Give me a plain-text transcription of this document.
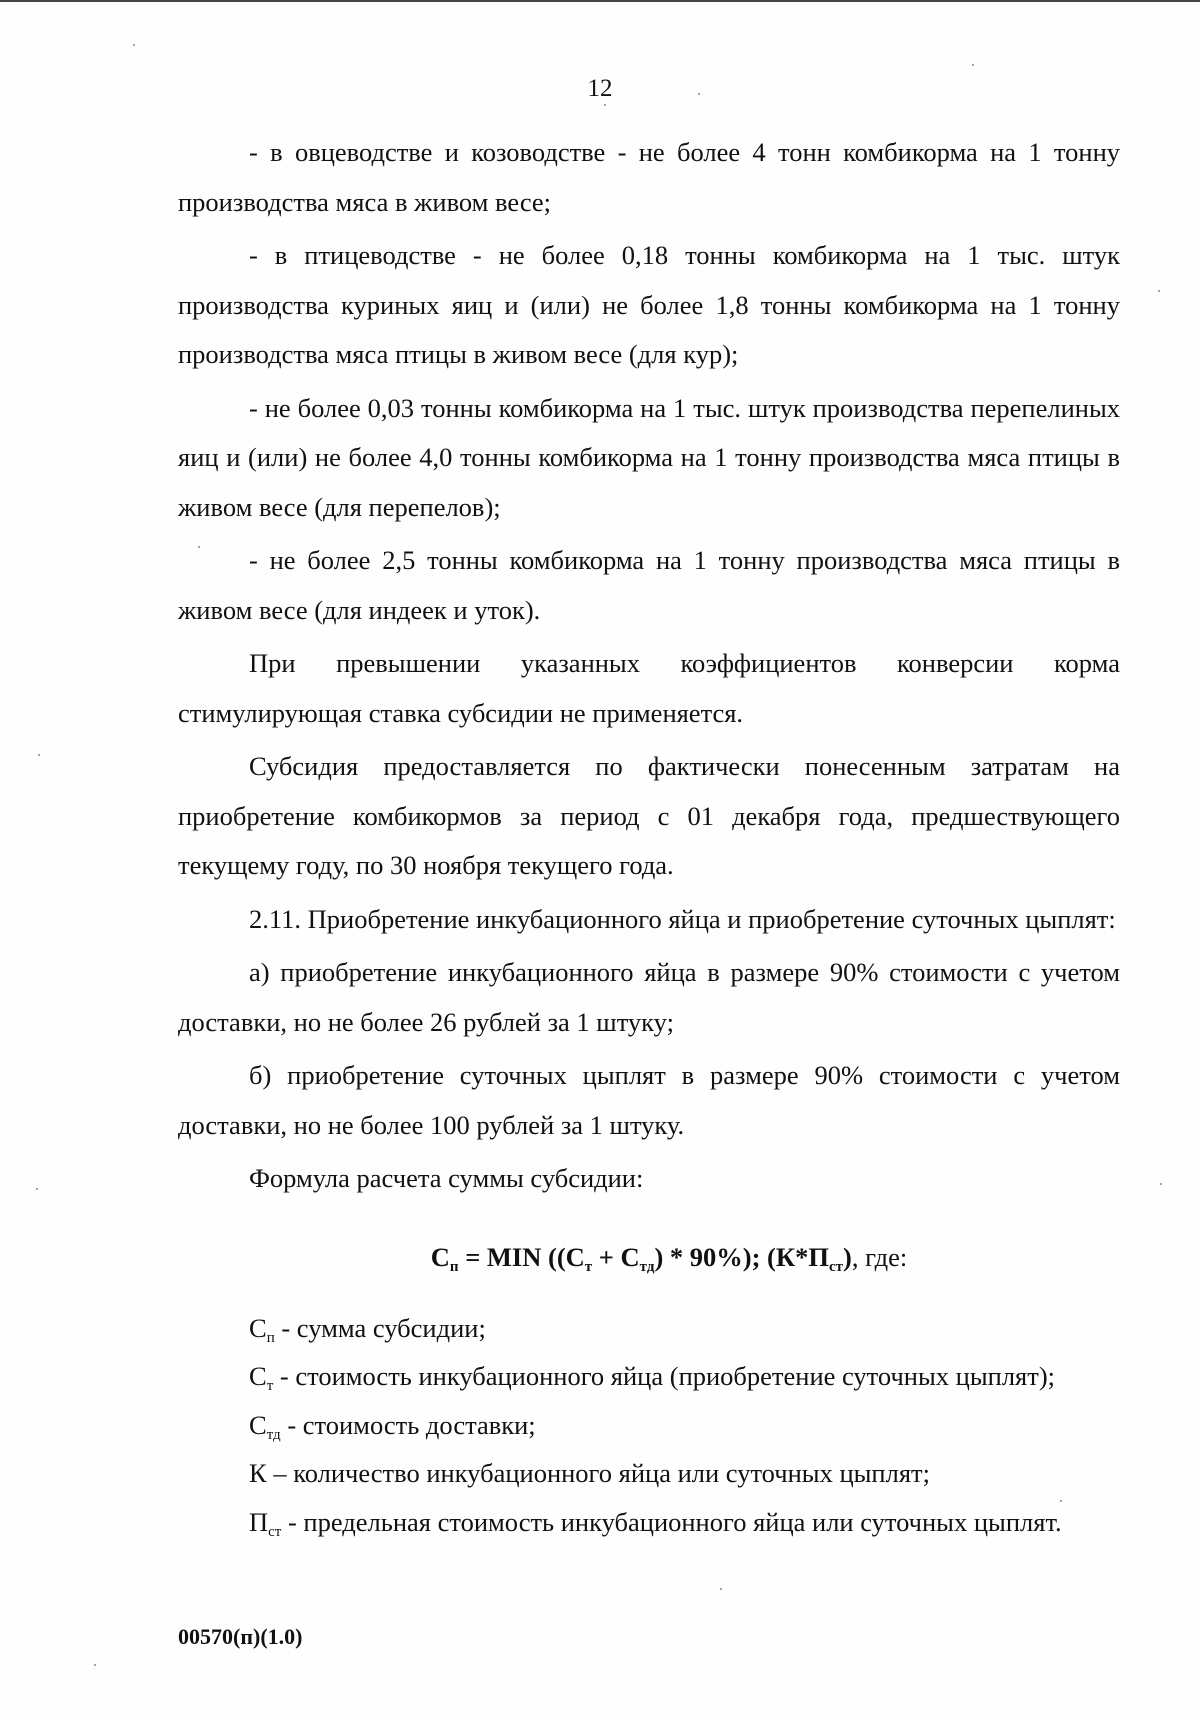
12

- в овцеводстве и козоводстве - не более 4 тонн комбикорма на 1 тонну производства мяса в живом весе;

- в птицеводстве - не более 0,18 тонны комбикорма на 1 тыс. штук производства куриных яиц и (или) не более 1,8 тонны комбикорма на 1 тонну производства мяса птицы в живом весе (для кур);

- не более 0,03 тонны комбикорма на 1 тыс. штук производства перепелиных яиц и (или) не более 4,0 тонны комбикорма на 1 тонну производства мяса птицы в живом весе (для перепелов);

- не более 2,5 тонны комбикорма на 1 тонну производства мяса птицы в живом весе (для индеек и уток).

При превышении указанных коэффициентов конверсии корма стимулирующая ставка субсидии не применяется.

Субсидия предоставляется по фактически понесенным затратам на приобретение комбикормов за период с 01 декабря года, предшествующего текущему году, по 30 ноября текущего года.

2.11. Приобретение инкубационного яйца и приобретение суточных цыплят:

а) приобретение инкубационного яйца в размере 90% стоимости с учетом доставки, но не более 26 рублей за 1 штуку;

б) приобретение суточных цыплят в размере 90% стоимости с учетом доставки, но не более 100 рублей за 1 штуку.

Формула расчета суммы субсидии:

$С_п$ = MIN $((С_т + С_{тд}) * 90\%)$; $(К*П_{ст})$, где:

$С_п$ - сумма субсидии;

$С_т$ - стоимость инкубационного яйца (приобретение суточных цыплят);

$С_{тд}$ - стоимость доставки;

К – количество инкубационного яйца или суточных цыплят;

$П_{ст}$ - предельная стоимость инкубационного яйца или суточных цыплят.

00570(п)(1.0)
